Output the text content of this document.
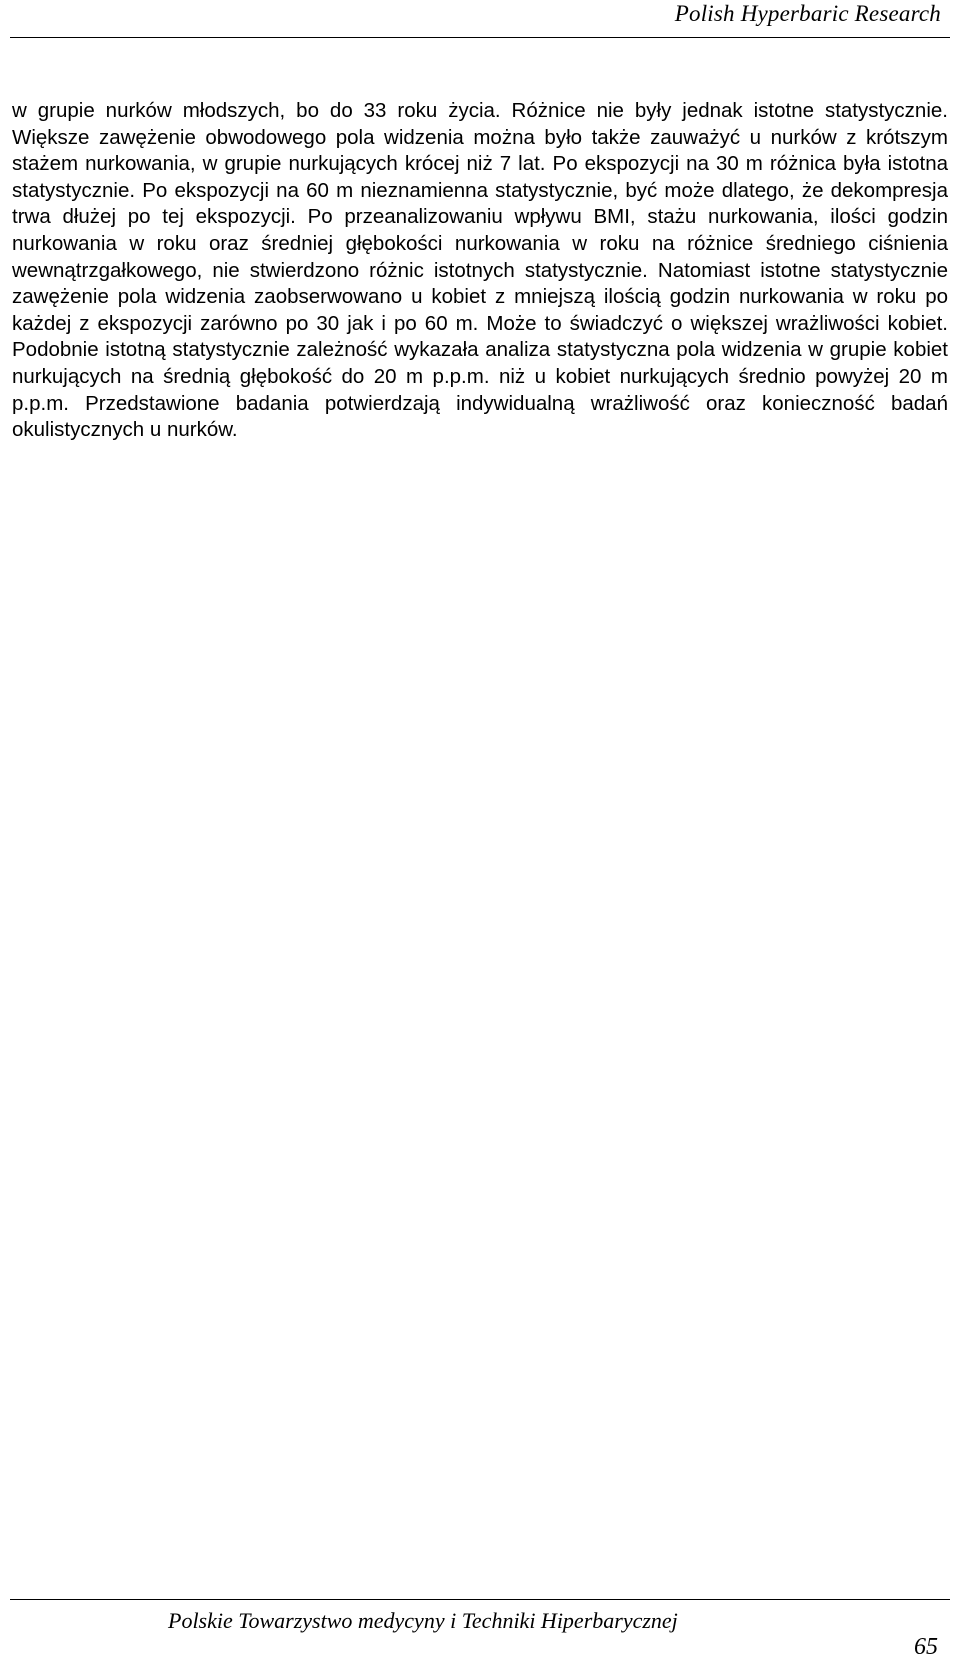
Polish Hyperbaric Research

w grupie nurków młodszych, bo do 33 roku życia. Różnice nie były jednak istotne statystycznie. Większe zawężenie obwodowego pola widzenia można było także zauważyć u nurków z krótszym stażem nurkowania, w grupie nurkujących krócej niż 7 lat. Po ekspozycji na 30 m różnica była istotna statystycznie. Po ekspozycji na 60 m nieznamienna statystycznie, być może dlatego, że dekompresja trwa dłużej po tej ekspozycji. Po przeanalizowaniu wpływu BMI, stażu nurkowania, ilości godzin nurkowania w roku oraz średniej głębokości nurkowania w roku na różnice średniego ciśnienia wewnątrzgałkowego, nie stwierdzono różnic istotnych statystycznie. Natomiast istotne statystycznie zawężenie pola widzenia zaobserwowano u kobiet z mniejszą ilością godzin nurkowania w roku po każdej z ekspozycji zarówno po 30 jak i po 60 m. Może to świadczyć o większej wrażliwości kobiet. Podobnie istotną statystycznie zależność wykazała analiza statystyczna pola widzenia w grupie kobiet nurkujących na średnią głębokość do 20 m p.p.m. niż u kobiet nurkujących średnio powyżej 20 m p.p.m. Przedstawione badania potwierdzają indywidualną wrażliwość oraz konieczność badań okulistycznych u nurków.

Polskie Towarzystwo medycyny i Techniki Hiperbarycznej
65
